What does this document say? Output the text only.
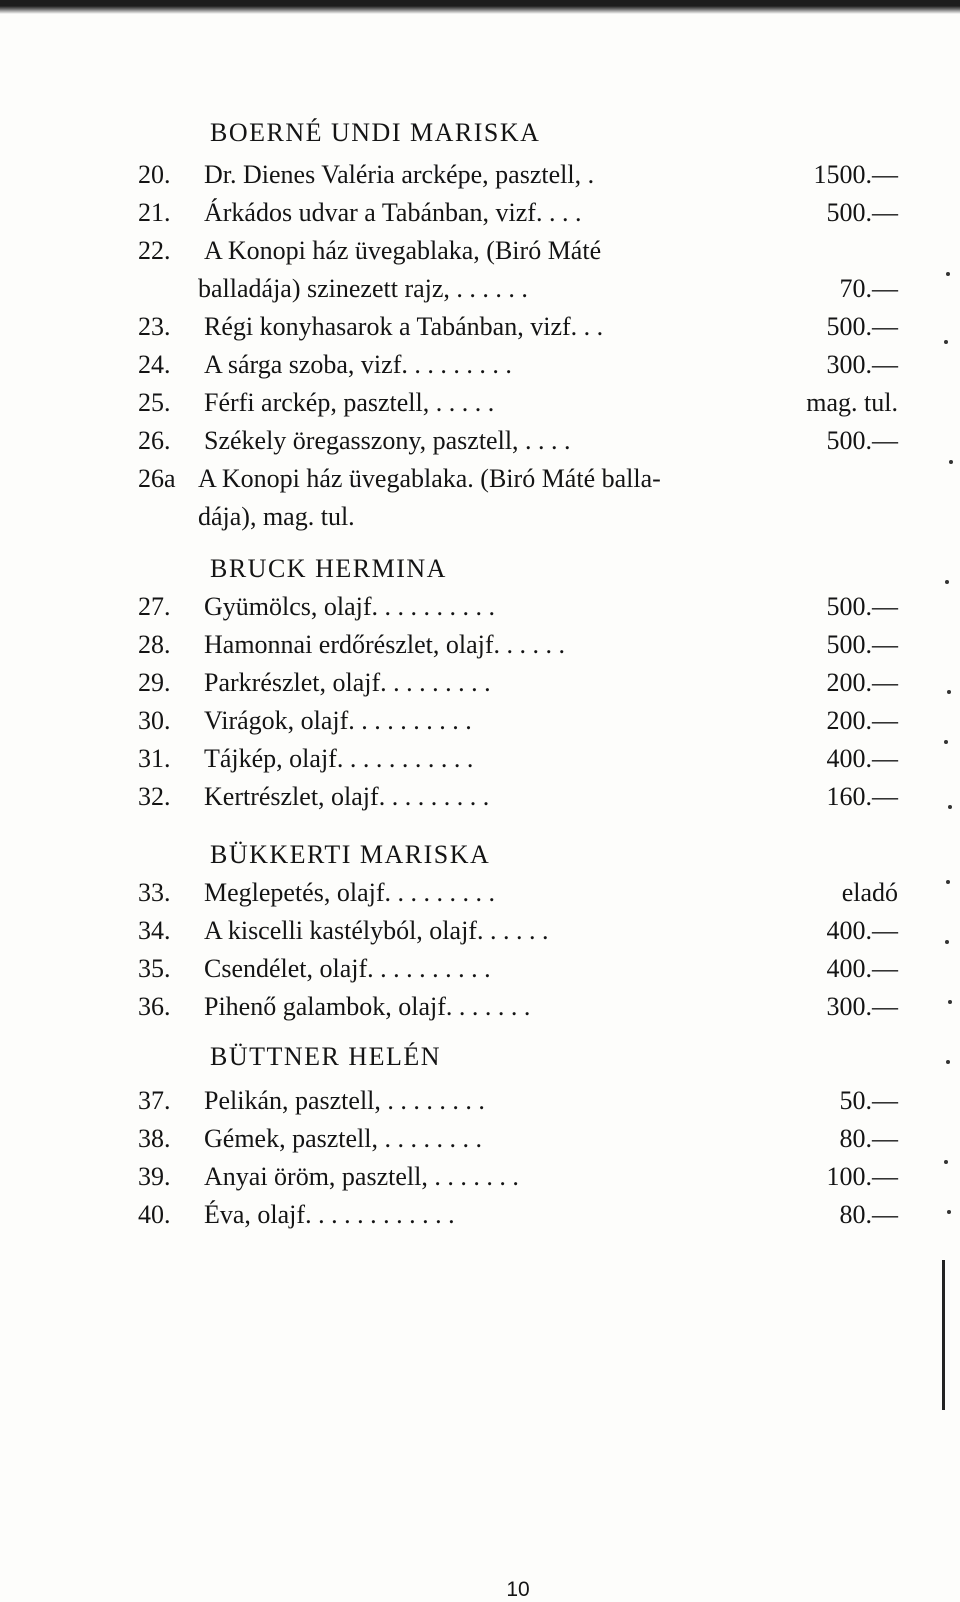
BOERNÉ UNDI MARISKA
20. Dr. Dienes Valéria arcképe, pasztell, .	1500.—
21. Árkádos udvar a Tabánban, vizf. . . .	500.—
22. A Konopi ház üvegablaka, (Biró Máté
balladája) szinezett rajz, . . . . . .	70.—
23. Régi konyhasarok a Tabánban, vizf. . .	500.—
24. A sárga szoba, vizf. . . . . . . . .	300.—
25. Férfi arckép, pasztell, . . . . .	mag. tul.
26. Székely öregasszony, pasztell, . . . .	500.—
26a A Konopi ház üvegablaka. (Biró Máté balla-
dája), mag. tul.
BRUCK HERMINA
27. Gyümölcs, olajf. . . . . . . . . .	500.—
28. Hamonnai erdőrészlet, olajf. . . . . .	500.—
29. Parkrészlet, olajf. . . . . . . . .	200.—
30. Virágok, olajf. . . . . . . . . .	200.—
31. Tájkép, olajf. . . . . . . . . . .	400.—
32. Kertrészlet, olajf. . . . . . . . .	160.—
BÜKKERTI MARISKA
33. Meglepetés, olajf. . . . . . . . .	eladó
34. A kiscelli kastélyból, olajf. . . . . .	400.—
35. Csendélet, olajf. . . . . . . . . .	400.—
36. Pihenő galambok, olajf. . . . . . .	300.—
BÜTTNER HELÉN
37. Pelikán, pasztell, . . . . . . . .	50.—
38. Gémek, pasztell, . . . . . . . .	80.—
39. Anyai öröm, pasztell, . . . . . . .	100.—
40. Éva, olajf. . . . . . . . . . . .	80.—
10
